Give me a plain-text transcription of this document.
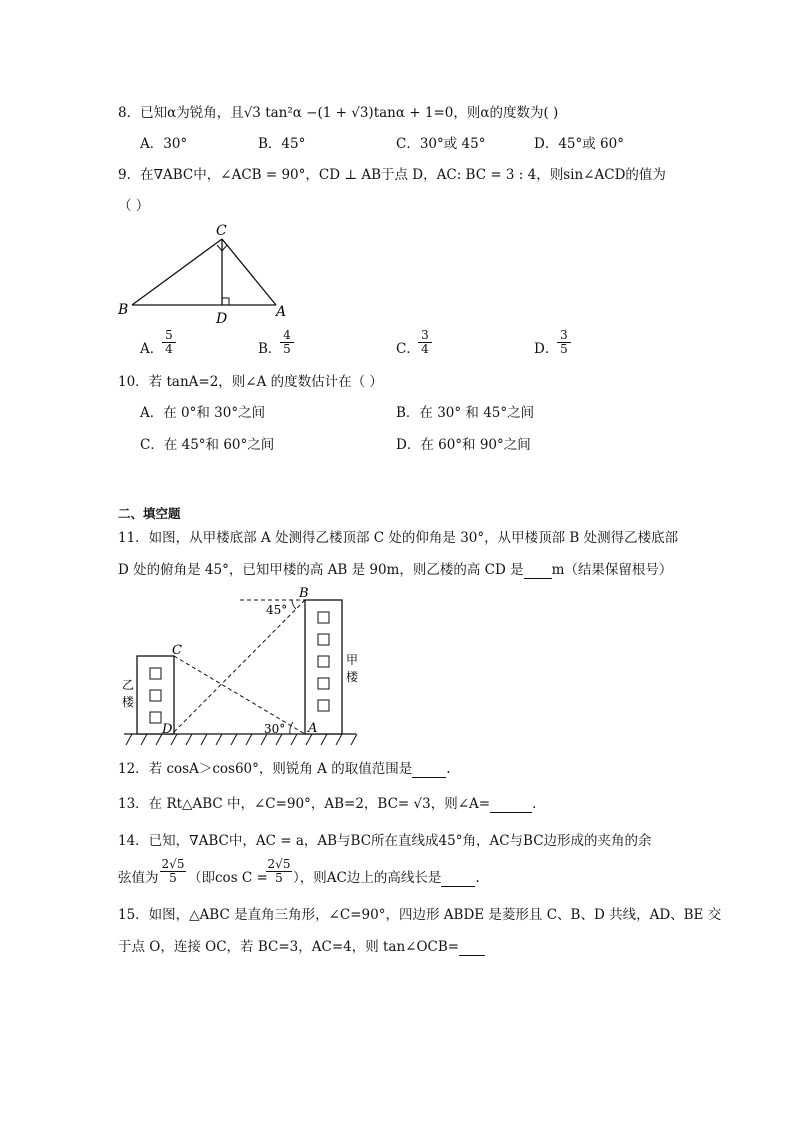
8．已知α为锐角，且√3 tan²α −(1 + √3)tanα + 1=0，则α的度数为( )
A．30°	B．45°	C．30°或 45°	D．45°或 60°
9．在∇ABC中，∠ACB = 90°，CD ⊥ AB于点 D，AC: BC = 3 : 4，则sin∠ACD的值为
（ ）
C
B
D	A
A．
$\frac{5}{4}$	B．
$\frac{4}{5}$	C．
$\frac{3}{4}$	D．
$\frac{3}{5}$
10．若 tanA=2，则∠A 的度数估计在（ ）
A．在 0°和 30°之间	B．在 30° 和 45°之间
C．在 45°和 60°之间	D．在 60°和 90°之间
二、填空题
11．如图，从甲楼底部 A 处测得乙楼顶部 C 处的仰角是 30°，从甲楼顶部 B 处测得乙楼底部
D 处的俯角是 45°，已知甲楼的高 AB 是 90m，则乙楼的高 CD 是 m（结果保留根号）
B
45°
C
D	A
30°
甲
楼
乙
楼
12．若 cosA＞cos60°，则锐角 A 的取值范围是	.
13．在 Rt△ABC 中，∠C=90°，AB=2，BC= √3，则∠A=	.
14．已知，∇ABC中，AC = a，AB与BC所在直线成45°角，AC与BC边形成的夹角的余
弦值为 $\frac{2√5}{5}$ （即cos C =
$\frac{2√5}{5}$ ），则AC边上的高线长是	.
15．如图，△ABC 是直角三角形，∠C=90°，四边形 ABDE 是菱形且 C、B、D 共线，AD、BE 交
于点 O，连接 OC，若 BC=3，AC=4，则 tan∠OCB=
